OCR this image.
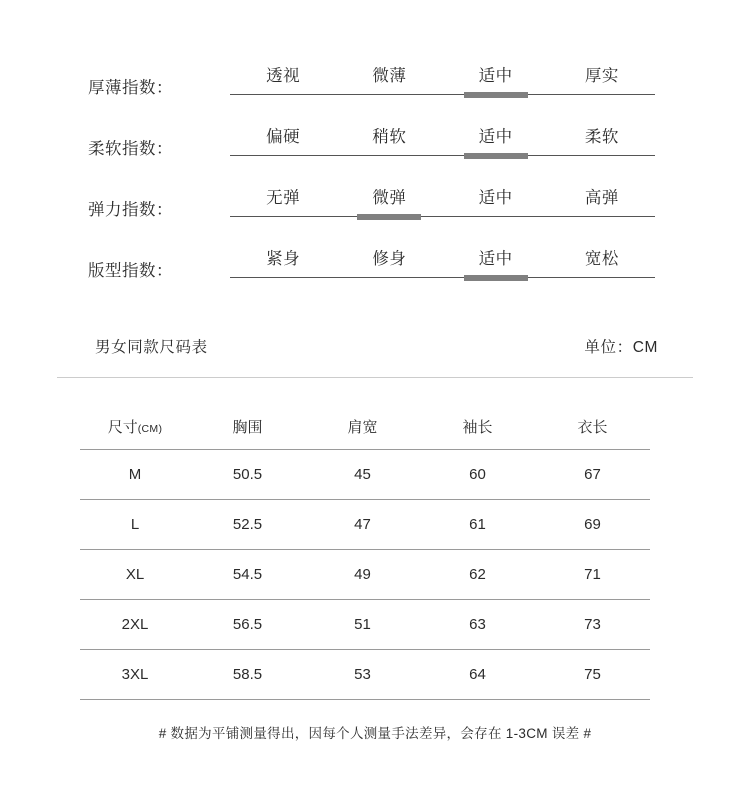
厚薄指数：
透视	微薄	适中	厚实
柔软指数：
偏硬	稍软	适中	柔软
弹力指数：
无弹	微弹	适中	高弹
版型指数：
紧身	修身	适中	宽松
男女同款尺码表	单位：CM
尺寸(CM)	胸围	肩宽	袖长	衣长
M	50.5	45	60	67
L	52.5	47	61	69
XL	54.5	49	62	71
2XL	56.5	51	63	73
3XL	58.5	53	64	75
# 数据为平铺测量得出，因每个人测量手法差异，会存在 1-3CM 误差 #
